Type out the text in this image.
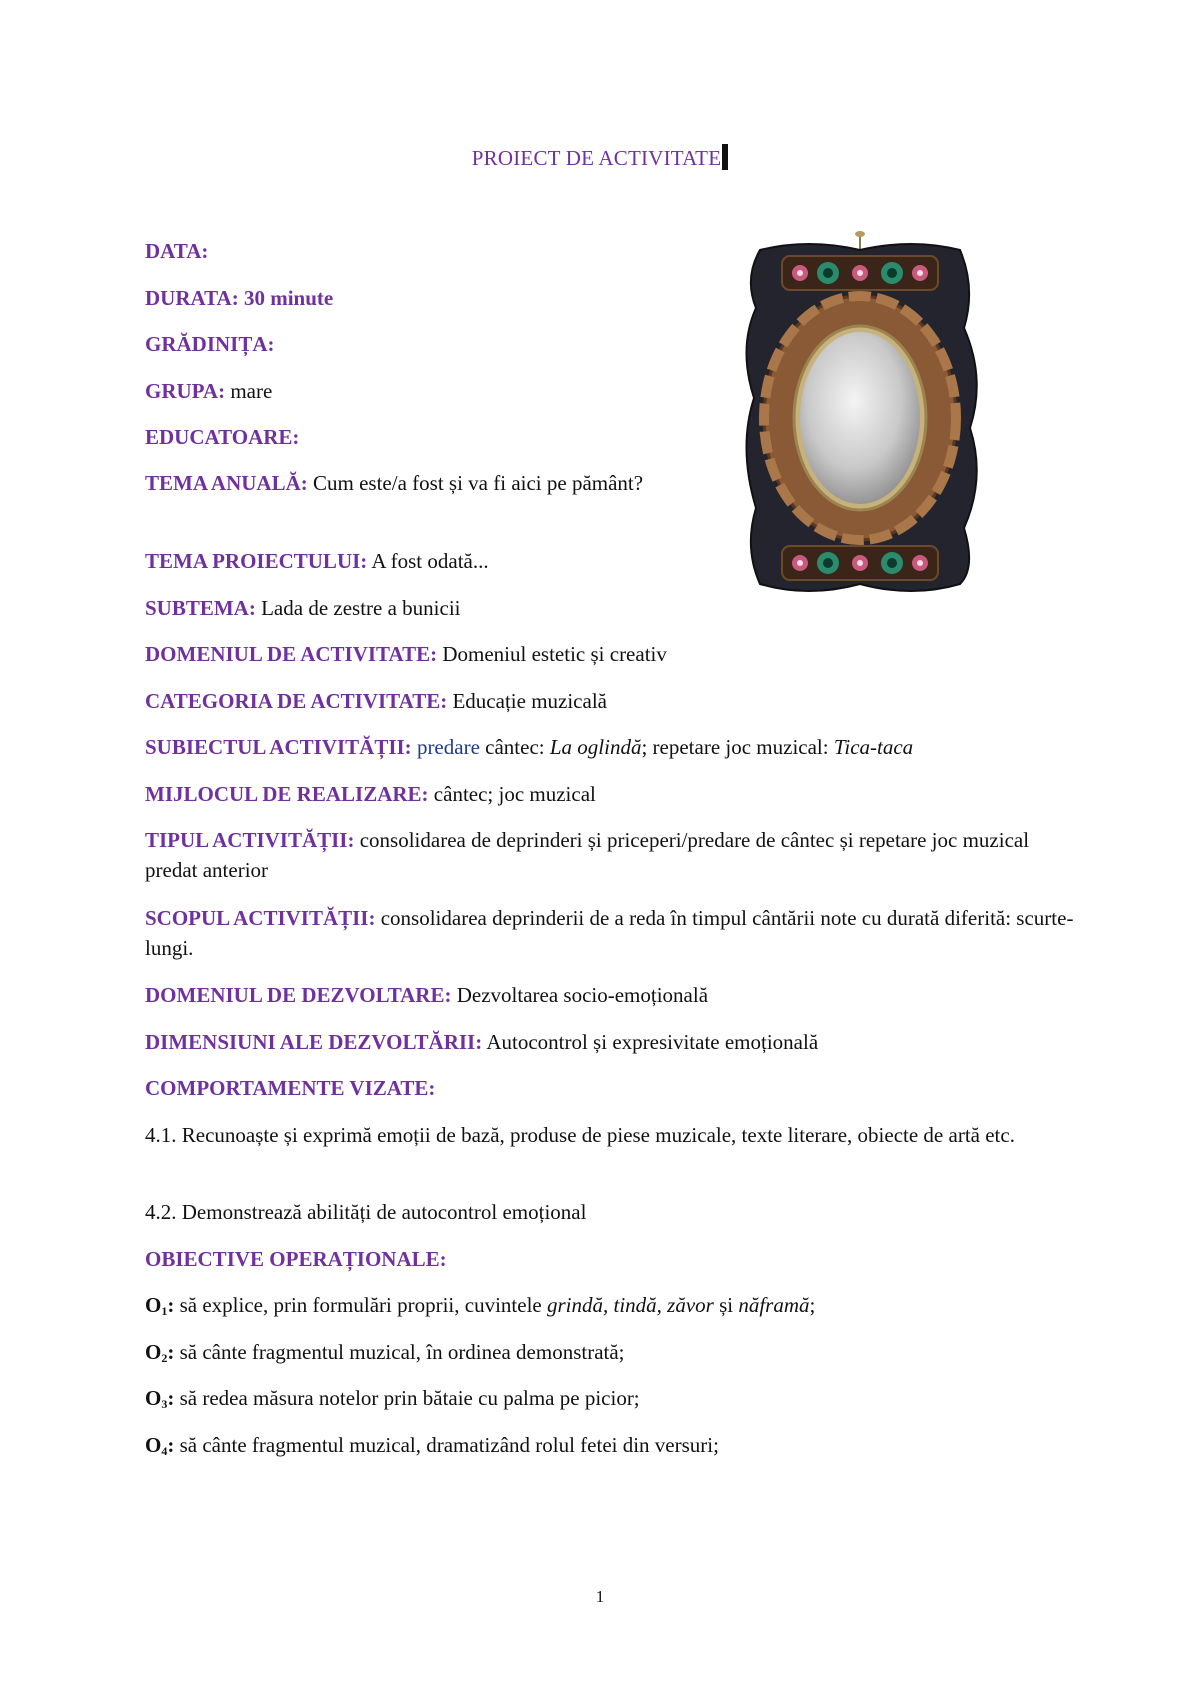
PROIECT DE ACTIVITATE
DATA:
DURATA: 30 minute
GRĂDINIȚA:
GRUPA: mare
EDUCATOARE:
TEMA ANUALĂ: Cum este/a fost și va fi aici pe pământ?
TEMA PROIECTULUI: A fost odată...
SUBTEMA: Lada de zestre a bunicii
DOMENIUL DE ACTIVITATE: Domeniul estetic și creativ
CATEGORIA DE ACTIVITATE: Educație muzicală
SUBIECTUL ACTIVITĂȚII: predare cântec: La oglindă; repetare joc muzical: Tica-taca
MIJLOCUL DE REALIZARE: cântec; joc muzical
TIPUL ACTIVITĂȚII: consolidarea de deprinderi și priceperi/predare de cântec și repetare joc muzical predat anterior
SCOPUL ACTIVITĂȚII: consolidarea deprinderii de a reda în timpul cântării note cu durată diferită: scurte-lungi.
DOMENIUL DE DEZVOLTARE: Dezvoltarea socio-emoțională
DIMENSIUNI ALE DEZVOLTĂRII: Autocontrol și expresivitate emoțională
COMPORTAMENTE VIZATE:
4.1. Recunoaște și exprimă emoții de bază, produse de piese muzicale, texte literare, obiecte de artă etc.
4.2. Demonstrează abilități de autocontrol emoțional
OBIECTIVE OPERAȚIONALE:
$O_1$: să explice, prin formulări proprii, cuvintele grindă, tindă, zăvor și năframă;
$O_2$: să cânte fragmentul muzical, în ordinea demonstrată;
$O_3$: să redea măsura notelor prin bătaie cu palma pe picior;
$O_4$: să cânte fragmentul muzical, dramatizând rolul fetei din versuri;
1
